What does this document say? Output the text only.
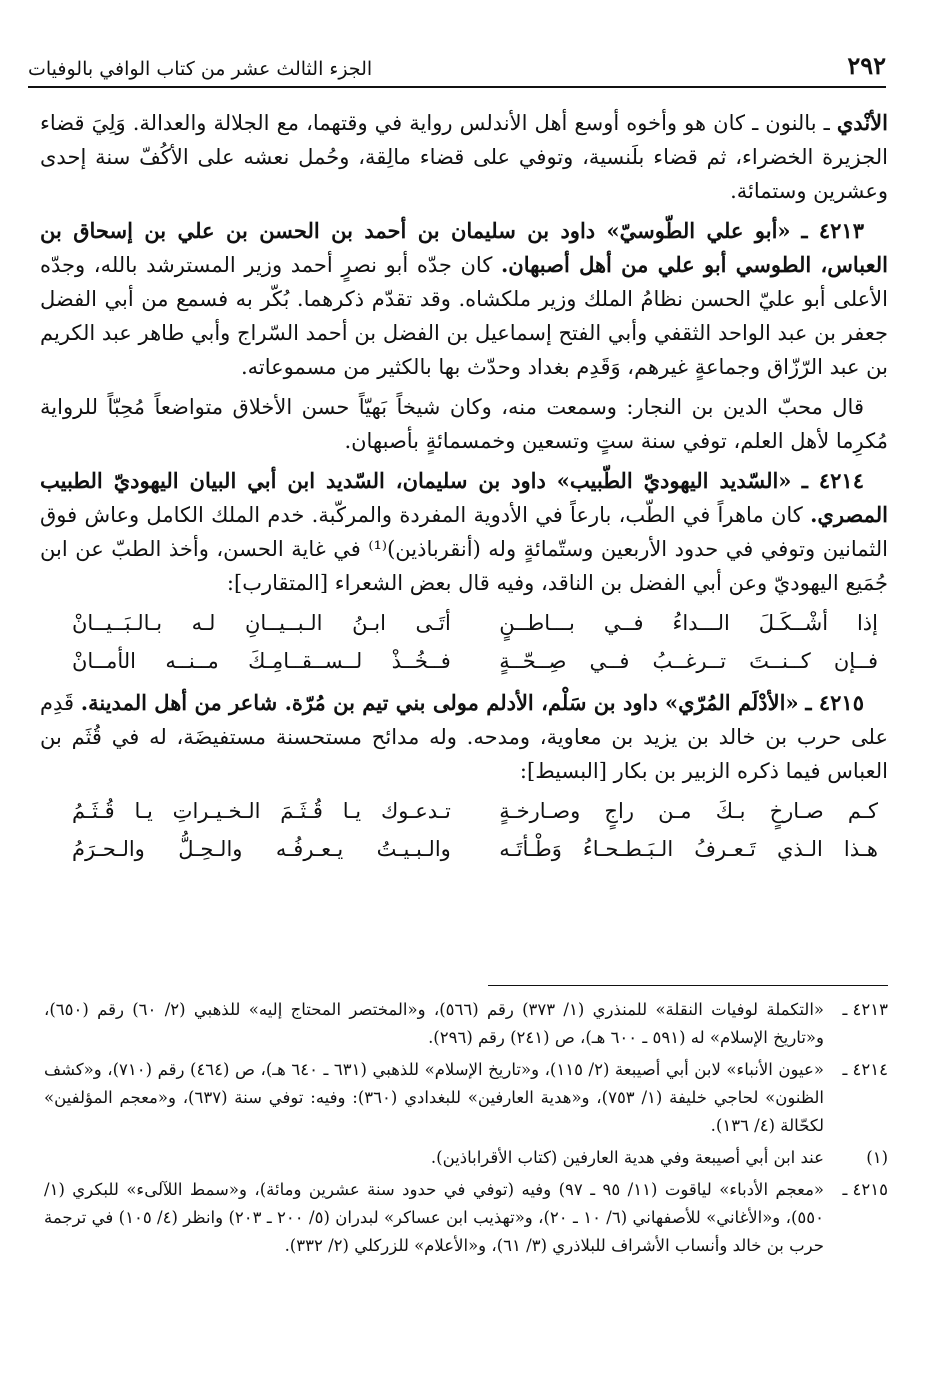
٢٩٢
الجزء الثالث عشر من كتاب الوافي بالوفيات

الأنْدي ـ بالنون ـ كان هو وأخوه أوسع أهل الأندلس رواية في وقتهما، مع الجلالة والعدالة. وَلِيَ قضاء الجزيرة الخضراء، ثم قضاء بلَنسية، وتوفي على قضاء مالِقة، وحُمل نعشه على الأكُفّ سنة إحدى وعشرين وستمائة.

٤٢١٣ ـ «أبو علي الطّوسيّ» داود بن سليمان بن أحمد بن الحسن بن علي بن إسحاق بن العباس، الطوسي أبو علي من أهل أصبهان. كان جدّه أبو نصرٍ أحمد وزير المسترشد بالله، وجدّه الأعلى أبو عليّ الحسن نظامُ الملك وزير ملكشاه. وقد تقدّم ذكرهما. بُكّر به فسمع من أبي الفضل جعفر بن عبد الواحد الثقفي وأبي الفتح إسماعيل بن الفضل بن أحمد السّراج وأبي طاهر عبد الكريم بن عبد الرّزّاق وجماعةٍ غيرهم، وَقَدِم بغداد وحدّث بها بالكثير من مسموعاته.

قال محبّ الدين بن النجار: وسمعت منه، وكان شيخاً بَهيّاً حسن الأخلاق متواضعاً مُحِبّاً للرواية مُكرِما لأهل العلم، توفي سنة ستٍ وتسعين وخمسمائةٍ بأصبهان.

٤٢١٤ ـ «السّديد اليهوديّ الطّبيب» داود بن سليمان، السّديد ابن أبي البيان اليهوديّ الطبيب المصري. كان ماهراً في الطّب، بارعاً في الأدوية المفردة والمركّبة. خدم الملك الكامل وعاش فوق الثمانين وتوفي في حدود الأربعين وستّمائةٍ وله (أنقرباذين)⁽¹⁾ في غاية الحسن، وأخذ الطبّ عن ابن جُمَيع اليهوديّ وعن أبي الفضل بن الناقد، وفيه قال بعض الشعراء [المتقارب]:

إذا أشْــكَـلَ الـــداءُ فــي بـــاطــنٍ
أتَـى ابـنُ الـبــيــانِ لـه بـالـبَــيــانْ
فــإن كــنــتَ تــرغــبُ فــي صِــحّــةٍ
فــخُــذْ لــســقــامِـكَ مــنــه الأمــانْ

٤٢١٥ ـ «الأدْلَم المُرّي» داود بن سَلْم، الأدلم مولى بني تيم بن مُرّة. شاعر من أهل المدينة. قَدِم على حرب بن خالد بن يزيد بن معاوية، ومدحه. وله مدائح مستحسنة مستفيضَة، له في قُثَم بن العباس فيما ذكره الزبير بن بكار [البسيط]:

كـم صـارخٍ بـكَ مـن راجٍ وصـارخـةٍ
تـدعـوك يـا قُـثَـمَ الـخـيـراتِ يـا قُـثَـمُ
هـذا الـذي تَـعـرفُ الـبَـطـحـاءُ وَطْـأتَـه
والـبـيـتُ يـعـرفُـه والـحِـلُّ والـحـرَمُ
٤٢١٣ ـ
«التكملة لوفيات النقلة» للمنذري (١/ ٣٧٣) رقم (٥٦٦)، و«المختصر المحتاج إليه» للذهبي (٢/ ٦٠) رقم (٦٥٠)، و«تاريخ الإسلام» له (٥٩١ ـ ٦٠٠ هـ)، ص (٢٤١) رقم (٢٩٦).
٤٢١٤ ـ
«عيون الأنباء» لابن أبي أصيبعة (٢/ ١١٥)، و«تاريخ الإسلام» للذهبي (٦٣١ ـ ٦٤٠ هـ)، ص (٤٦٤) رقم (٧١٠)، و«كشف الظنون» لحاجي خليفة (١/ ٧٥٣)، و«هدية العارفين» للبغدادي (٣٦٠): وفيه: توفي سنة (٦٣٧)، و«معجم المؤلفين» لكحّالة (٤/ ١٣٦).
(١)
عند ابن أبي أصيبعة وفي هدية العارفين (كتاب الأقراباذين).
٤٢١٥ ـ
«معجم الأدباء» لياقوت (١١/ ٩٥ ـ ٩٧) وفيه (توفي في حدود سنة عشرين ومائة)، و«سمط اللآلىء» للبكري (١/ ٥٥٠)، و«الأغاني» للأصفهاني (٦/ ١٠ ـ ٢٠)، و«تهذيب ابن عساكر» لبدران (٥/ ٢٠٠ ـ ٢٠٣) وانظر (٤/ ١٠٥) في ترجمة حرب بن خالد وأنساب الأشراف للبلاذري (٣/ ٦١)، و«الأعلام» للزركلي (٢/ ٣٣٢).
